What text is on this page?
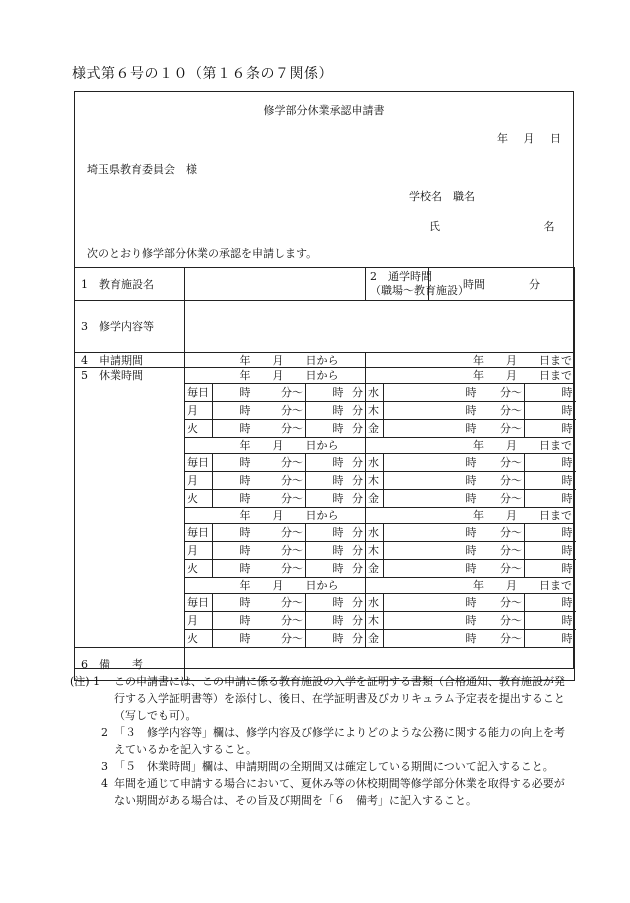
様式第６号の１０（第１６条の７関係）
修学部分休業承認申請書
年 月 日
埼玉県教育委員会　様
学校名　職名
氏 名
次のとおり修学部分休業の承認を申請します。
1　教育施設名						2　通学時間
（職場～教育施設）		時間　　　　分			
3　修学内容等											
4　申請期間	年　　月　　日から					年　　月　　日まで					
5　休業時間	年　　月　　日から					年　　月　　日まで					
	毎日	時	分～	時	分	水	時		分～	時	
	月	時	分～	時	分	木	時		分～	時	
	火	時	分～	時	分	金	時		分～	時	
	年　　月　　日から					年　　月　　日まで					
	毎日	時	分～	時	分	水	時		分～	時	
	月	時	分～	時	分	木	時		分～	時	
	火	時	分～	時	分	金	時		分～	時	
	年　　月　　日から					年　　月　　日まで					
	毎日	時	分～	時	分	水	時		分～	時	
	月	時	分～	時	分	木	時		分～	時	
	火	時	分～	時	分	金	時		分～	時	
	年　　月　　日から					年　　月　　日まで					
	毎日	時	分～	時	分	水	時		分～	時	
	月	時	分～	時	分	木	時		分～	時	
	火	時	分～	時	分	金	時		分～	時	
6　備　　考											
(注) 1	この申請書には、この申請に係る教育施設の入学を証明する書類（合格通知、教育施設が発行する入学証明書等）を添付し、後日、在学証明書及びカリキュラム予定表を提出すること（写しでも可）。
2 「３　修学内容等」欄は、修学内容及び修学によりどのような公務に関する能力の向上を考えているかを記入すること。
3 「５　休業時間」欄は、申請期間の全期間又は確定している期間について記入すること。
4 年間を通じて申請する場合において、夏休み等の休校期間等修学部分休業を取得する必要がない期間がある場合は、その旨及び期間を「６　備考」に記入すること。
